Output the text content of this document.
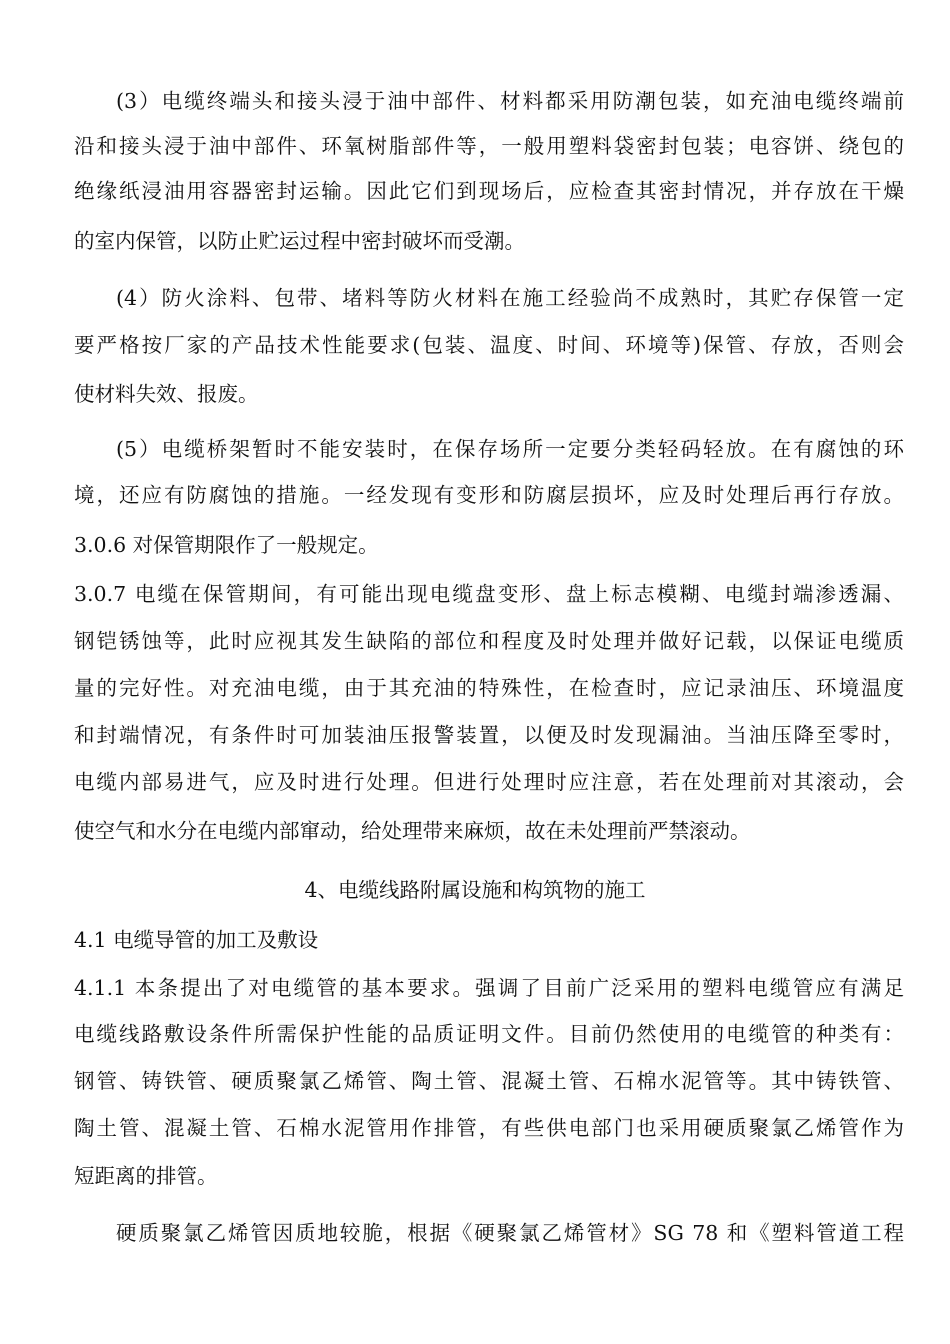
(3）电缆终端头和接头浸于油中部件、材料都采用防潮包装，如充油电缆终端前
沿和接头浸于油中部件、环氧树脂部件等，一般用塑料袋密封包装；电容饼、绕包的
绝缘纸浸油用容器密封运输。因此它们到现场后，应检查其密封情况，并存放在干燥
的室内保管，以防止贮运过程中密封破坏而受潮。
(4）防火涂料、包带、堵料等防火材料在施工经验尚不成熟时，其贮存保管一定
要严格按厂家的产品技术性能要求(包装、温度、时间、环境等)保管、存放，否则会
使材料失效、报废。
(5）电缆桥架暂时不能安装时，在保存场所一定要分类轻码轻放。在有腐蚀的环
境，还应有防腐蚀的措施。一经发现有变形和防腐层损坏，应及时处理后再行存放。
3.0.6 对保管期限作了一般规定。
3.0.7 电缆在保管期间，有可能出现电缆盘变形、盘上标志模糊、电缆封端渗透漏、
钢铠锈蚀等，此时应视其发生缺陷的部位和程度及时处理并做好记载，以保证电缆质
量的完好性。对充油电缆，由于其充油的特殊性，在检查时，应记录油压、环境温度
和封端情况，有条件时可加装油压报警装置，以便及时发现漏油。当油压降至零时，
电缆内部易进气，应及时进行处理。但进行处理时应注意，若在处理前对其滚动，会
使空气和水分在电缆内部窜动，给处理带来麻烦，故在未处理前严禁滚动。
4、电缆线路附属设施和构筑物的施工
4.1 电缆导管的加工及敷设
4.1.1 本条提出了对电缆管的基本要求。强调了目前广泛采用的塑料电缆管应有满足
电缆线路敷设条件所需保护性能的品质证明文件。目前仍然使用的电缆管的种类有：
钢管、铸铁管、硬质聚氯乙烯管、陶土管、混凝土管、石棉水泥管等。其中铸铁管、
陶土管、混凝土管、石棉水泥管用作排管，有些供电部门也采用硬质聚氯乙烯管作为
短距离的排管。
硬质聚氯乙烯管因质地较脆，根据《硬聚氯乙烯管材》SG 78 和《塑料管道工程
